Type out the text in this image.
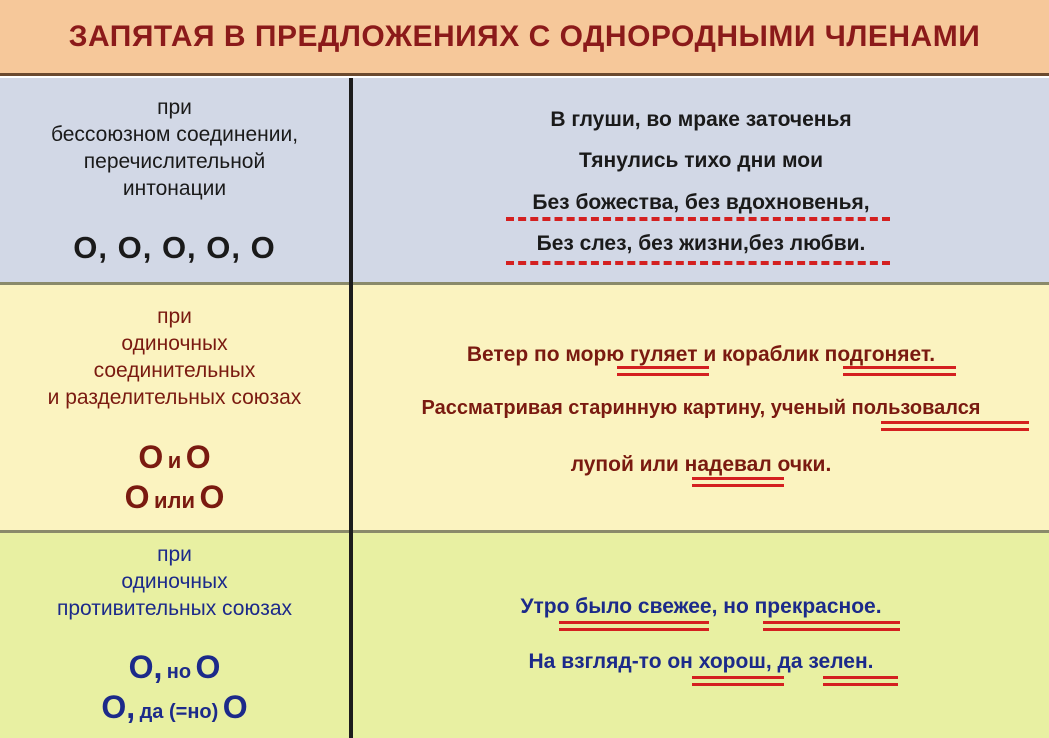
ЗАПЯТАЯ В ПРЕДЛОЖЕНИЯХ С ОДНОРОДНЫМИ ЧЛЕНАМИ
при
бессоюзном соединении,
перечислительной
интонации
О, О, О, О, О
В глуши, во мраке заточенья
Тянулись тихо дни мои
Без божества, без вдохновенья,
Без слез, без жизни,без любви.
при
одиночных
соединительных
и разделительных союзах
О и О
О или О
Ветер по морю гуляет и кораблик подгоняет.
Рассматривая старинную картину, ученый пользовался
лупой или надевал очки.
при
одиночных
противительных союзах
О, но О
О, да (=но) О
Утро было свежее, но прекрасное.
На взгляд-то он хорош, да зелен.
